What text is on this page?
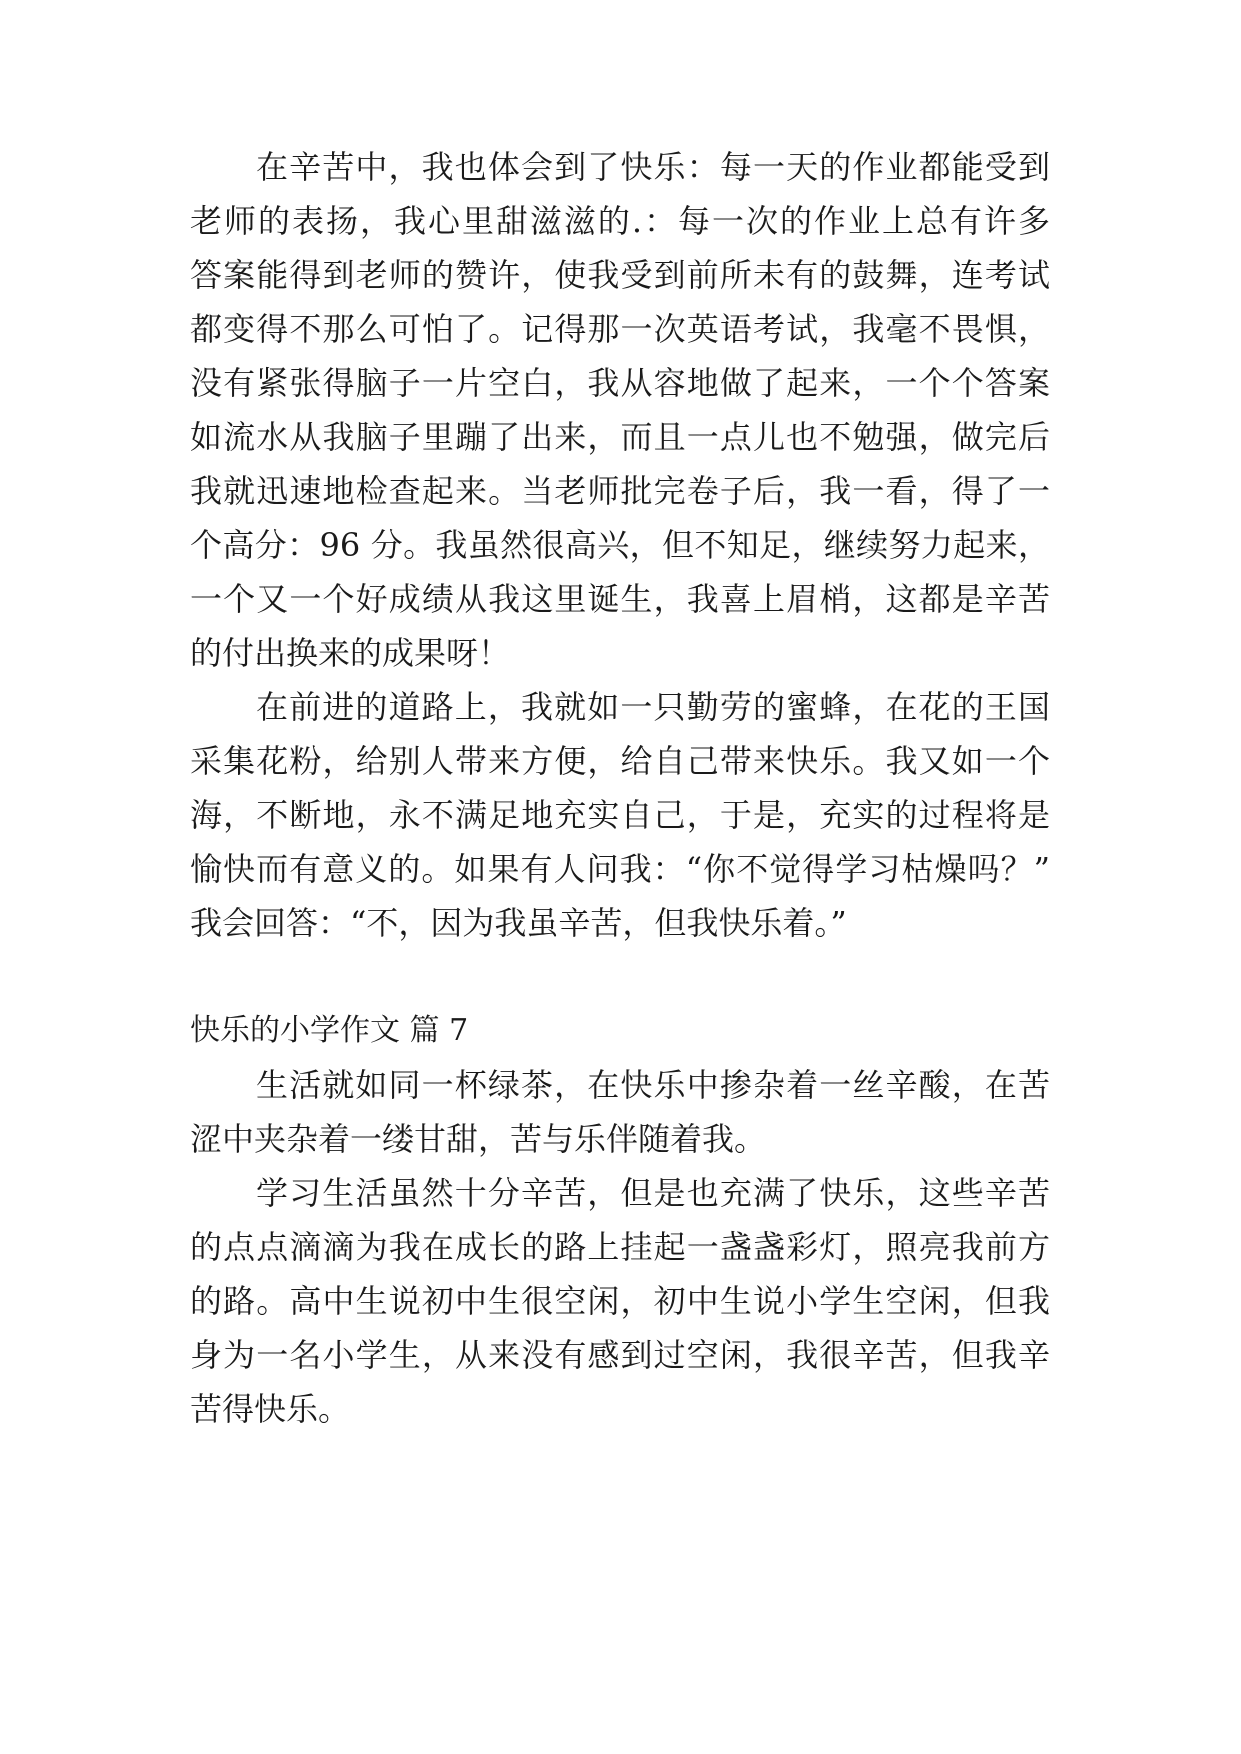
在辛苦中，我也体会到了快乐：每一天的作业都能受到
老师的表扬，我心里甜滋滋的.：每一次的作业上总有许多
答案能得到老师的赞许，使我受到前所未有的鼓舞，连考试
都变得不那么可怕了。记得那一次英语考试，我毫不畏惧，
没有紧张得脑子一片空白，我从容地做了起来，一个个答案
如流水从我脑子里蹦了出来，而且一点儿也不勉强，做完后
我就迅速地检查起来。当老师批完卷子后，我一看，得了一
个高分：96 分。我虽然很高兴，但不知足，继续努力起来，
一个又一个好成绩从我这里诞生，我喜上眉梢，这都是辛苦
的付出换来的成果呀！
在前进的道路上，我就如一只勤劳的蜜蜂，在花的王国
采集花粉，给别人带来方便，给自己带来快乐。我又如一个
海，不断地，永不满足地充实自己，于是，充实的过程将是
愉快而有意义的。如果有人问我：“你不觉得学习枯燥吗？”
我会回答：“不，因为我虽辛苦，但我快乐着。”
快乐的小学作文 篇 7
生活就如同一杯绿茶，在快乐中掺杂着一丝辛酸，在苦
涩中夹杂着一缕甘甜，苦与乐伴随着我。
学习生活虽然十分辛苦，但是也充满了快乐，这些辛苦
的点点滴滴为我在成长的路上挂起一盏盏彩灯，照亮我前方
的路。高中生说初中生很空闲，初中生说小学生空闲，但我
身为一名小学生，从来没有感到过空闲，我很辛苦，但我辛
苦得快乐。
